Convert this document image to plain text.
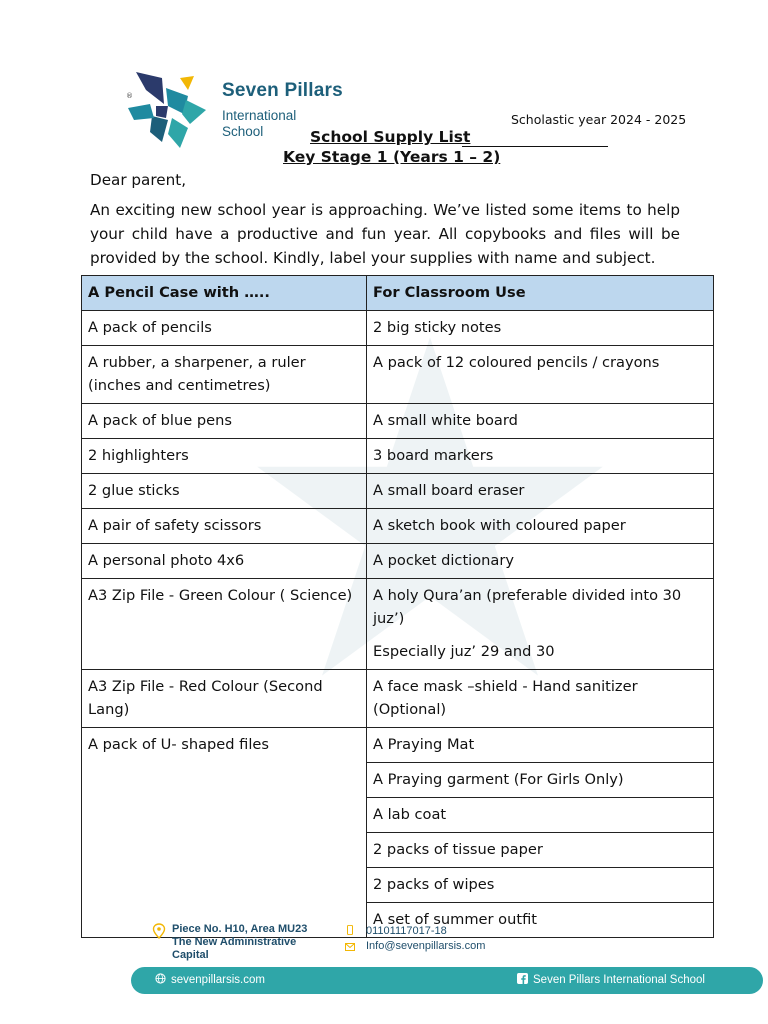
®	Seven Pillars
International
School
Scholastic year 2024 - 2025
School Supply List
Key Stage 1 (Years 1 – 2)

Dear parent,

An exciting new school year is approaching. We’ve listed some items to help your child have a productive and fun year. All copybooks and files will be provided by the school. Kindly, label your supplies with name and subject.

A Pencil Case with …..	For Classroom Use
A pack of pencils	2 big sticky notes
A rubber, a sharpener, a ruler (inches and centimetres)	A pack of 12 coloured pencils / crayons
A pack of blue pens	A small white board
2 highlighters	3 board markers
2 glue sticks	A small board eraser
A pair of safety scissors	A sketch book with coloured paper
A personal photo 4x6	A pocket dictionary
A3 Zip File - Green Colour ( Science)	A holy Qura’an (preferable divided into 30 juz’)
Especially juz’ 29 and 30

A3 Zip File - Red Colour (Second Lang)	A face mask –shield - Hand sanitizer (Optional)
A pack of U- shaped files	A Praying Mat
	A Praying garment (For Girls Only)
	A lab coat
	2 packs of tissue paper
	2 packs of wipes
	A set of summer outfit
Piece No. H10, Area MU23
The New Administrative
Capital
01101117017-18
Info@sevenpillarsis.com
sevenpillarsis.com	Seven Pillars International School
